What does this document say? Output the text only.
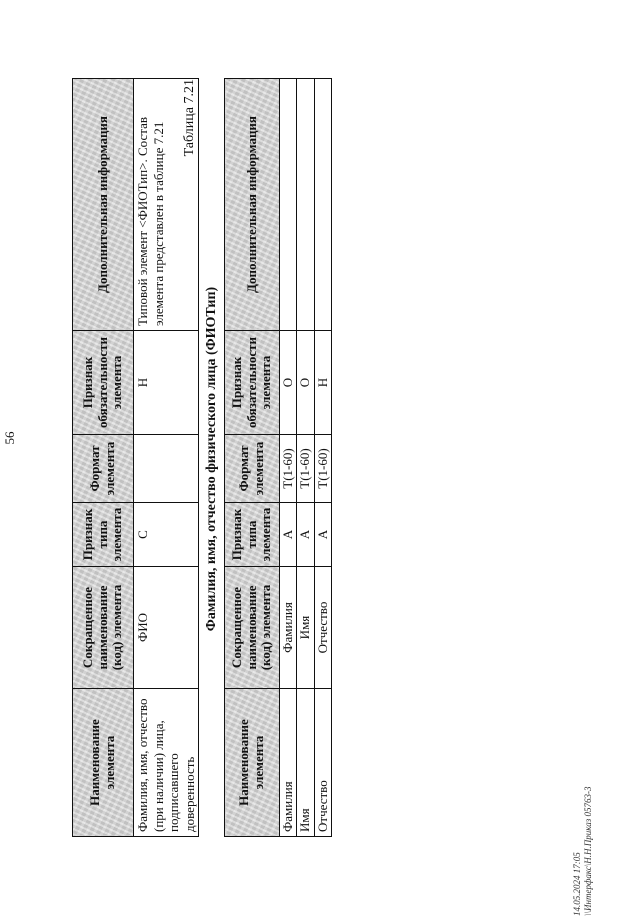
56
Наименование элемента	Сокращенное наименование (код) элемента	Признак типа элемента	Формат элемента	Признак обязательности элемента	Дополнительная информация
Фамилия, имя, отчество (при наличии) лица, подписавшего доверенность	ФИО	С		Н	Типовой элемент <ФИОТип>. Состав элемента представлен в таблице 7.21
Таблица 7.21
Фамилия, имя, отчество физического лица (ФИОТип)
Наименование элемента	Сокращенное наименование (код) элемента	Признак типа элемента	Формат элемента	Признак обязательности элемента	Дополнительная информация
Фамилия	Фамилия	А	T(1-60)	О	
Имя	Имя	А	T(1-60)	О	
Отчество	Отчество	А	T(1-60)	Н	
14.05.2024 17:05 \\Интерфакс\Н.Н.Приказ 05763-3
